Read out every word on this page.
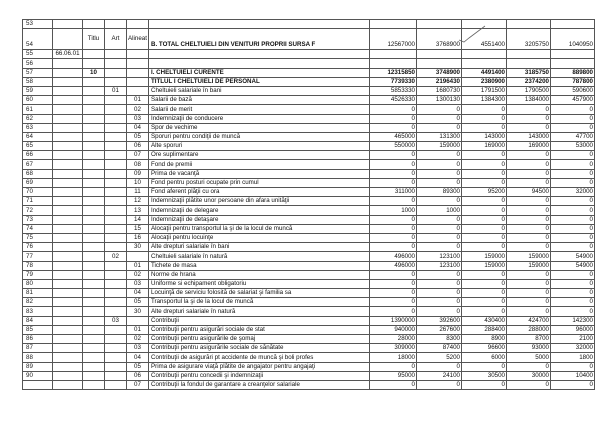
53										
54		Titlu	Art	Alineat	B. TOTAL CHELTUIELI DIN VENITURI PROPRII SURSA F	12567000	3768900	4551400	3205750	1040950
55	66.06.01									
56										
57		10			I. CHELTUIELI CURENTE	12315850	3748900	4491400	3185750	889800
58					TITLUL I CHELTUIELI DE PERSONAL	7739330	2196430	2380900	2374200	787800
59			01		Cheltuieli salariale în bani	5853330	1680730	1791500	1790500	590600
60				01	Salarii de bază	4526330	1300130	1384300	1384000	457900
61				02	Salarii de merit	0	0	0	0	0
62				03	Indemnizaţii de conducere	0	0	0	0	0
63				04	Spor de vechime	0	0	0	0	0
64				05	Sporuri pentru condiţii de muncă	465000	131300	143000	143000	47700
65				06	Alte sporuri	550000	159000	169000	169000	53000
66				07	Ore suplimentare	0	0	0	0	0
67				08	Fond de premii	0	0	0	0	0
68				09	Prima de vacanţă	0	0	0	0	0
69				10	Fond pentru posturi ocupate prin cumul	0	0	0	0	0
70				11	Fond aferent plăţii cu ora	311000	89300	95200	94500	32000
71				12	Indemnizaţii plătite unor persoane din afara unităţii	0	0	0	0	0
72				13	Indemnizaţii de delegare	1000	1000	0	0	0
73				14	Indemnizaţii de detaşare	0	0	0	0	0
74				15	Alocaţii pentru transportul la şi de la locul de muncă	0	0	0	0	0
75				16	Alocaţii pentru locuinţe	0	0	0	0	0
76				30	Alte drepturi salariale în bani	0	0	0	0	0
77			02		Cheltuieli salariale în natură	496000	123100	159000	159000	54900
78				01	Tichete de masa	496000	123100	159000	159000	54900
79				02	Norme de hrana	0	0	0	0	0
80				03	Uniforme si echipament obligatoriu	0	0	0	0	0
81				04	Locuinţă de serviciu folosită de salariat şi familia sa	0	0	0	0	0
82				05	Transportul la şi de la locul de muncă	0	0	0	0	0
83				30	Alte drepturi salariale în natură	0	0	0	0	0
84			03		Contribuţii	1390000	392600	430400	424700	142300
85				01	Contribuţii pentru asigurări sociale de stat	940000	267600	288400	288000	96000
86				02	Contribuţii pentru asigurările de şomaj	28000	8300	8900	8700	2100
87				03	Contribuţii pentru asigurările sociale de sănătate	309000	87400	96600	93000	32000
88				04	Contribuţii de asigurări pt accidente de muncă şi boli profes	18000	5200	6000	5000	1800
89				05	Prima de asigurare viaţă plătite de angajator pentru angajaţi	0	0	0	0	0
90				06	Contribuţii pentru concedii şi indemnizaţii	95000	24100	30500	30000	10400
				07	Contribuţii la fondul de garantare a creanţelor salariale	0	0	0	0	0
